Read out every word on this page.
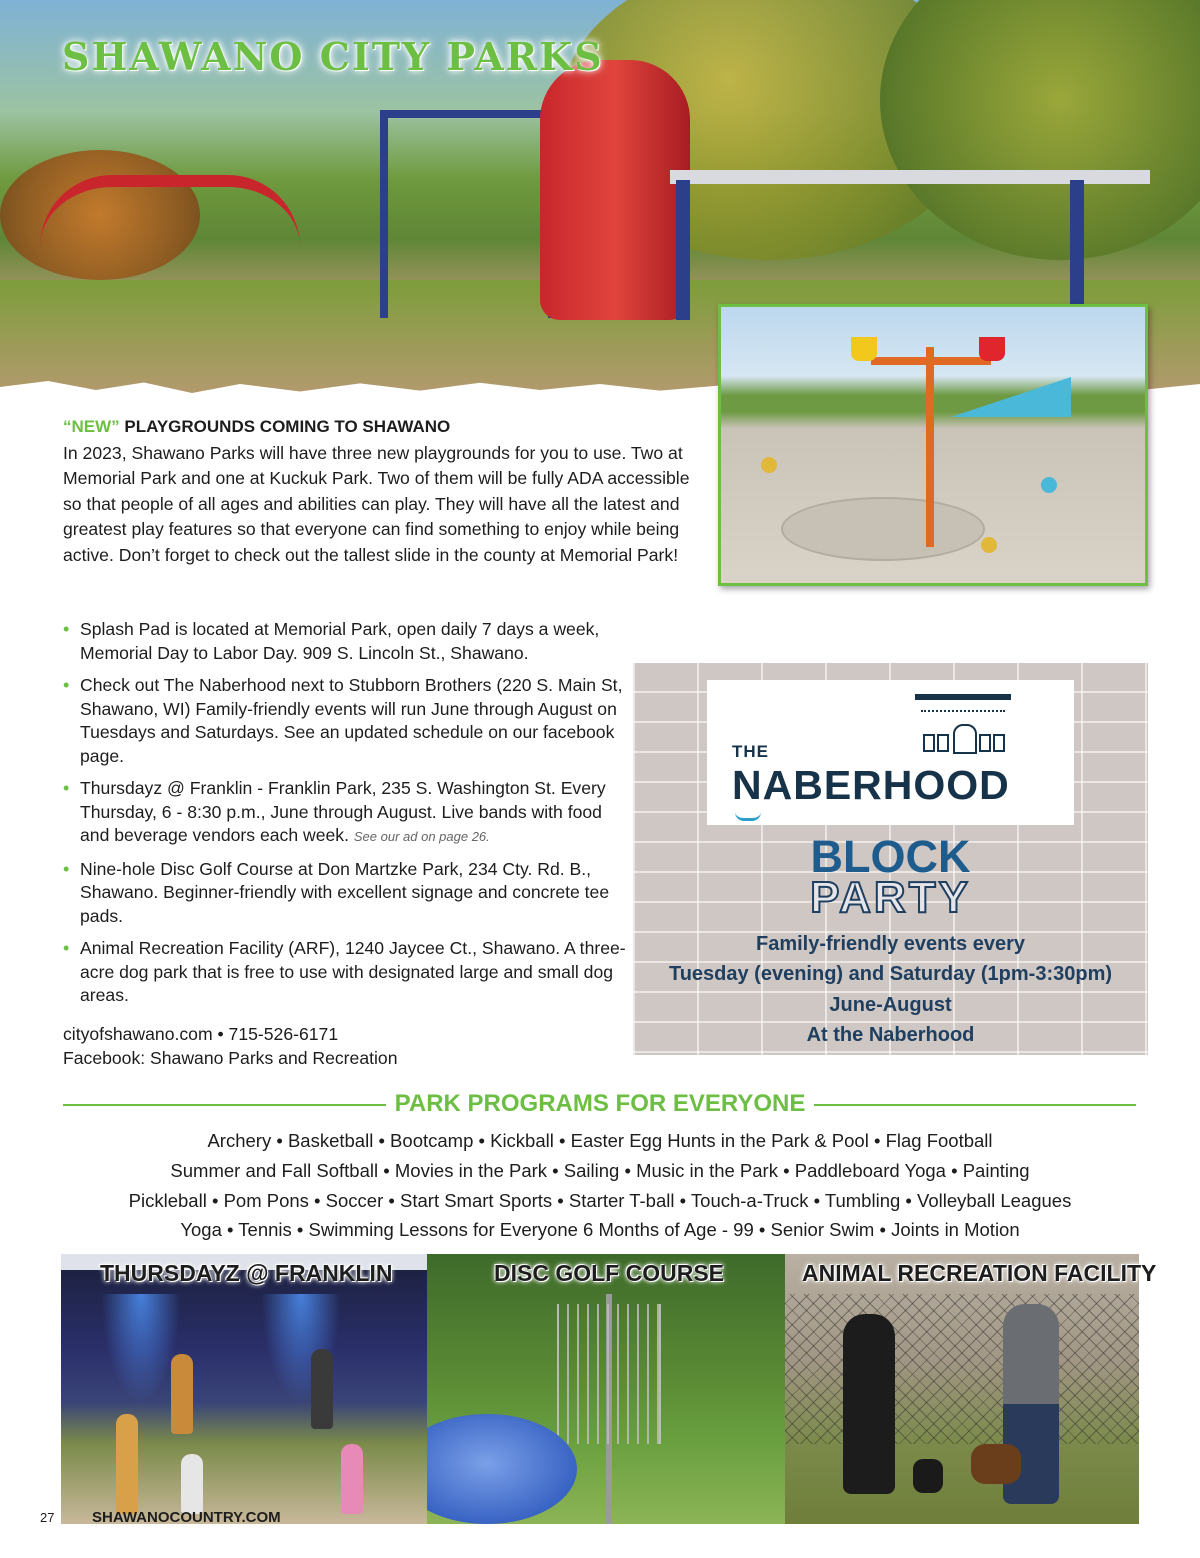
SHAWANO CITY PARKS
“NEW” PLAYGROUNDS COMING TO SHAWANO
In 2023, Shawano Parks will have three new playgrounds for you to use. Two at Memorial Park and one at Kuckuk Park. Two of them will be fully ADA accessible so that people of all ages and abilities can play. They will have all the latest and greatest play features so that everyone can find something to enjoy while being active. Don’t forget to check out the tallest slide in the county at Memorial Park!
• Splash Pad is located at Memorial Park, open daily 7 days a week, Memorial Day to Labor Day. 909 S. Lincoln St., Shawano.
• Check out The Naberhood next to Stubborn Brothers (220 S. Main St, Shawano, WI) Family-friendly events will run June through August on Tuesdays and Saturdays. See an updated schedule on our facebook page.
• Thursdayz @ Franklin - Franklin Park, 235 S. Washington St. Every Thursday, 6 - 8:30 p.m., June through August. Live bands with food and beverage vendors each week. See our ad on page 26.
• Nine-hole Disc Golf Course at Don Martzke Park, 234 Cty. Rd. B., Shawano. Beginner-friendly with excellent signage and concrete tee pads.
• Animal Recreation Facility (ARF), 1240 Jaycee Ct., Shawano. A three-acre dog park that is free to use with designated large and small dog areas.
cityofshawano.com • 715-526-6171
Facebook: Shawano Parks and Recreation
THE
NABERHOOD
BLOCK
PARTY
Family-friendly events every
Tuesday (evening) and Saturday (1pm-3:30pm)
June-August
At the Naberhood
PARK PROGRAMS FOR EVERYONE
Archery • Basketball • Bootcamp • Kickball • Easter Egg Hunts in the Park & Pool • Flag Football
Summer and Fall Softball • Movies in the Park • Sailing • Music in the Park • Paddleboard Yoga • Painting
Pickleball • Pom Pons • Soccer • Start Smart Sports • Starter T-ball • Touch-a-Truck • Tumbling • Volleyball Leagues
Yoga • Tennis • Swimming Lessons for Everyone 6 Months of Age - 99 • Senior Swim • Joints in Motion
THURSDAYZ @ FRANKLIN	DISC GOLF COURSE	ANIMAL RECREATION FACILITY
27	SHAWANOCOUNTRY.COM
